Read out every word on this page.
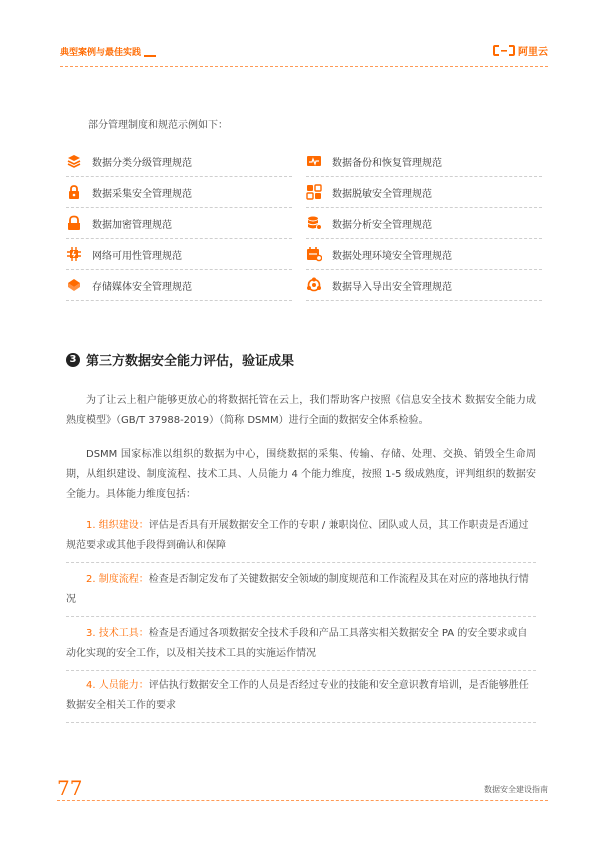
典型案例与最佳实践	阿里云
部分管理制度和规范示例如下：
数据分类分级管理规范	数据备份和恢复管理规范
数据采集安全管理规范	数据脱敏安全管理规范
数据加密管理规范	数据分析安全管理规范
网络可用性管理规范	数据处理环境安全管理规范
存储媒体安全管理规范	数据导入导出安全管理规范
3 第三方数据安全能力评估，验证成果
为了让云上租户能够更放心的将数据托管在云上，我们帮助客户按照《信息安全技术 数据安全能力成熟度模型》（GB/T 37988-2019）（简称 DSMM）进行全面的数据安全体系检验。
DSMM 国家标准以组织的数据为中心，围绕数据的采集、传输、存储、处理、交换、销毁全生命周期，从组织建设、制度流程、技术工具、人员能力 4 个能力维度，按照 1-5 级成熟度，评判组织的数据安全能力。具体能力维度包括：
1. 组织建设：评估是否具有开展数据安全工作的专职 / 兼职岗位、团队或人员，其工作职责是否通过规范要求或其他手段得到确认和保障
2. 制度流程：检查是否制定发布了关键数据安全领域的制度规范和工作流程及其在对应的落地执行情况
3. 技术工具：检查是否通过各项数据安全技术手段和产品工具落实相关数据安全 PA 的安全要求或自动化实现的安全工作，以及相关技术工具的实施运作情况
4. 人员能力：评估执行数据安全工作的人员是否经过专业的技能和安全意识教育培训，是否能够胜任数据安全相关工作的要求
77	数据安全建设指南
